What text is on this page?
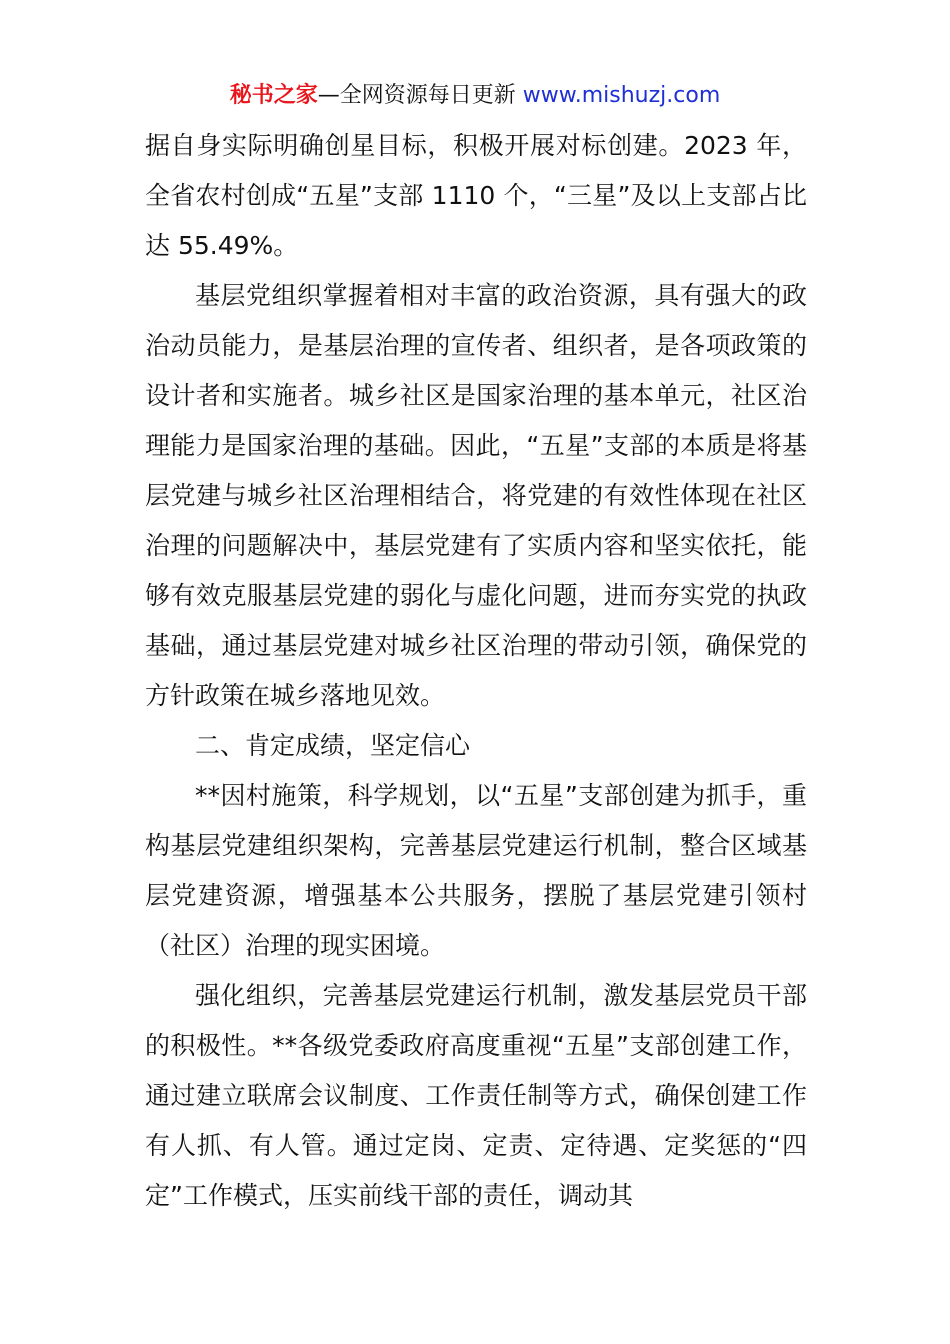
秘书之家—全网资源每日更新 www.mishuzj.com

据自身实际明确创星目标，积极开展对标创建。2023 年，全省农村创成“五星”支部 1110 个，“三星”及以上支部占比达 55.49%。

基层党组织掌握着相对丰富的政治资源，具有强大的政治动员能力，是基层治理的宣传者、组织者，是各项政策的设计者和实施者。城乡社区是国家治理的基本单元，社区治理能力是国家治理的基础。因此，“五星”支部的本质是将基层党建与城乡社区治理相结合，将党建的有效性体现在社区治理的问题解决中，基层党建有了实质内容和坚实依托，能够有效克服基层党建的弱化与虚化问题，进而夯实党的执政基础，通过基层党建对城乡社区治理的带动引领，确保党的方针政策在城乡落地见效。

二、肯定成绩，坚定信心

**因村施策，科学规划，以“五星”支部创建为抓手，重构基层党建组织架构，完善基层党建运行机制，整合区域基层党建资源，增强基本公共服务，摆脱了基层党建引领村（社区）治理的现实困境。

强化组织，完善基层党建运行机制，激发基层党员干部的积极性。**各级党委政府高度重视“五星”支部创建工作，通过建立联席会议制度、工作责任制等方式，确保创建工作有人抓、有人管。通过定岗、定责、定待遇、定奖惩的“四定”工作模式，压实前线干部的责任，调动其
